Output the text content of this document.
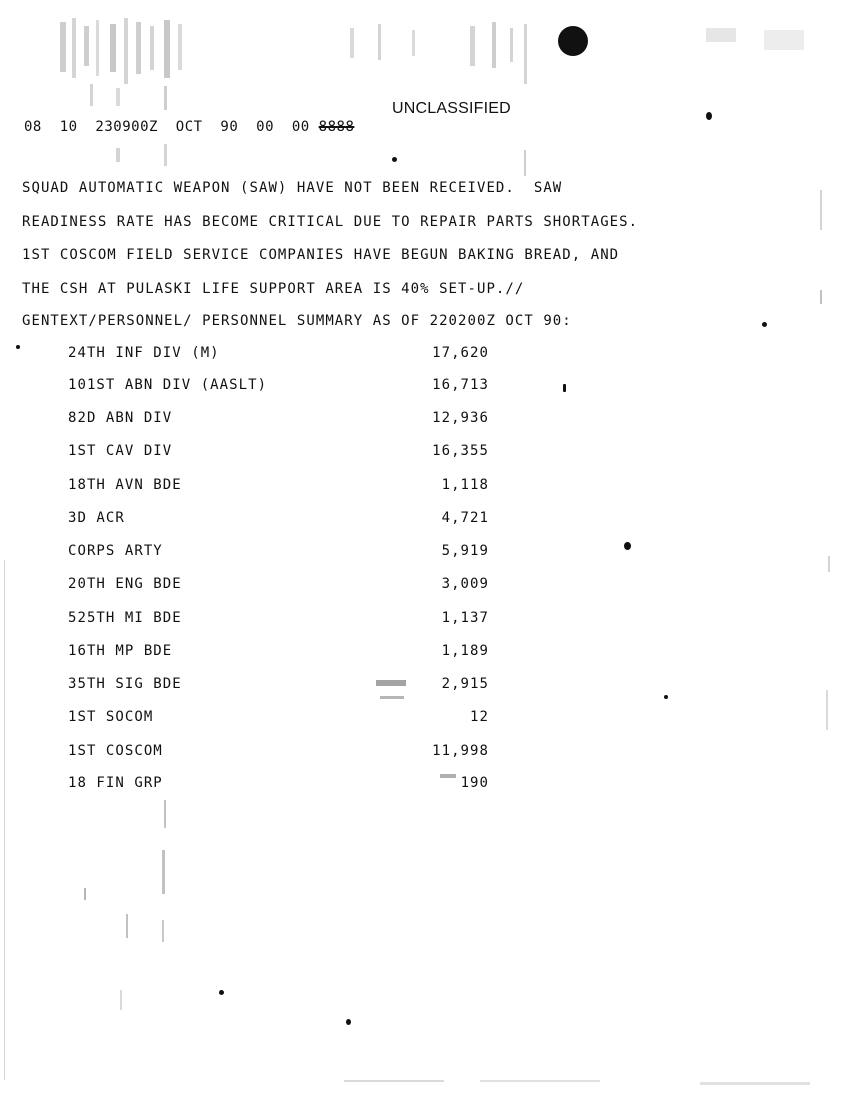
UNCLASSIFIED
08  10  230900Z  OCT  90  00  00 8888
SQUAD AUTOMATIC WEAPON (SAW) HAVE NOT BEEN RECEIVED.  SAW
READINESS RATE HAS BECOME CRITICAL DUE TO REPAIR PARTS SHORTAGES.
1ST COSCOM FIELD SERVICE COMPANIES HAVE BEGUN BAKING BREAD, AND
THE CSH AT PULASKI LIFE SUPPORT AREA IS 40% SET-UP.//
GENTEXT/PERSONNEL/ PERSONNEL SUMMARY AS OF 220200Z OCT 90:
24TH INF DIV (M)	17,620
101ST ABN DIV (AASLT)	16,713
82D ABN DIV	12,936
1ST CAV DIV	16,355
18TH AVN BDE	1,118
3D ACR	4,721
CORPS ARTY	5,919
20TH ENG BDE	3,009
525TH MI BDE	1,137
16TH MP BDE	1,189
35TH SIG BDE	2,915
1ST SOCOM	12
1ST COSCOM	11,998
18 FIN GRP	190
